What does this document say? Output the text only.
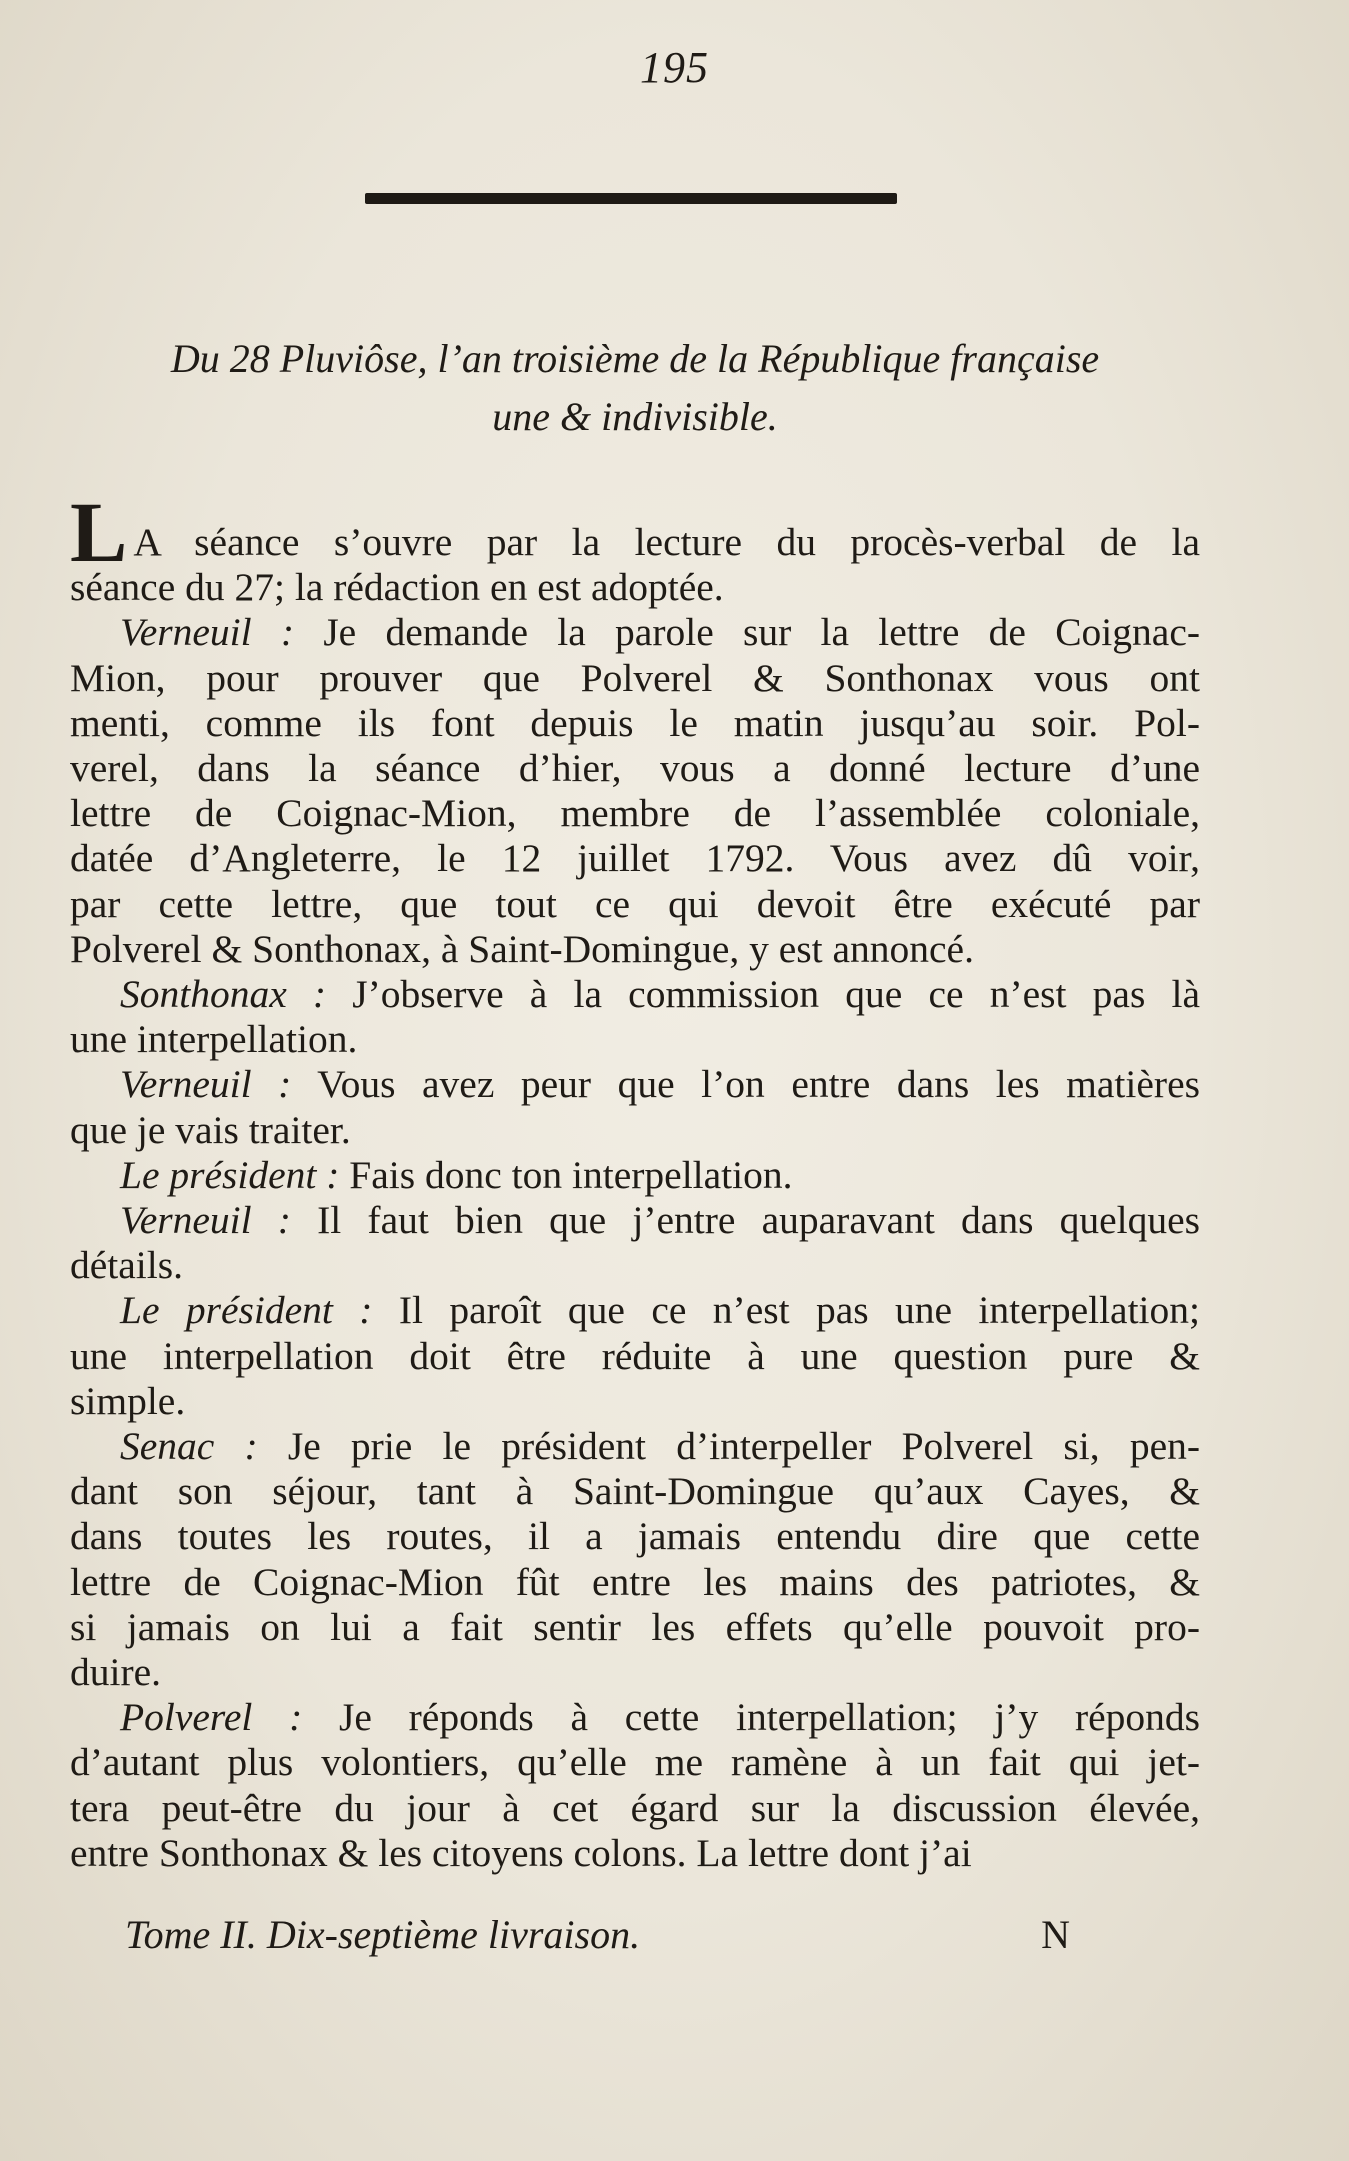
195
Du 28 Pluviôse, l’an troisième de la République française
une & indivisible.
L A séance s’ouvre par la lecture du procès-verbal de la
séance du 27; la rédaction en est adoptée.
Verneuil : Je demande la parole sur la lettre de Coignac-
Mion, pour prouver que Polverel & Sonthonax vous ont
menti, comme ils font depuis le matin jusqu’au soir. Pol-
verel, dans la séance d’hier, vous a donné lecture d’une
lettre de Coignac-Mion, membre de l’assemblée coloniale,
datée d’Angleterre, le 12 juillet 1792. Vous avez dû voir,
par cette lettre, que tout ce qui devoit être exécuté par
Polverel & Sonthonax, à Saint-Domingue, y est annoncé.
Sonthonax : J’observe à la commission que ce n’est pas là
une interpellation.
Verneuil : Vous avez peur que l’on entre dans les matières
que je vais traiter.
Le président : Fais donc ton interpellation.
Verneuil : Il faut bien que j’entre auparavant dans quelques
détails.
Le président : Il paroît que ce n’est pas une interpellation;
une interpellation doit être réduite à une question pure &
simple.
Senac : Je prie le président d’interpeller Polverel si, pen-
dant son séjour, tant à Saint-Domingue qu’aux Cayes, &
dans toutes les routes, il a jamais entendu dire que cette
lettre de Coignac-Mion fût entre les mains des patriotes, &
si jamais on lui a fait sentir les effets qu’elle pouvoit pro-
duire.
Polverel : Je réponds à cette interpellation; j’y réponds
d’autant plus volontiers, qu’elle me ramène à un fait qui jet-
tera peut-être du jour à cet égard sur la discussion élevée,
entre Sonthonax & les citoyens colons. La lettre dont j’ai
Tome II. Dix-septième livraison.	N
